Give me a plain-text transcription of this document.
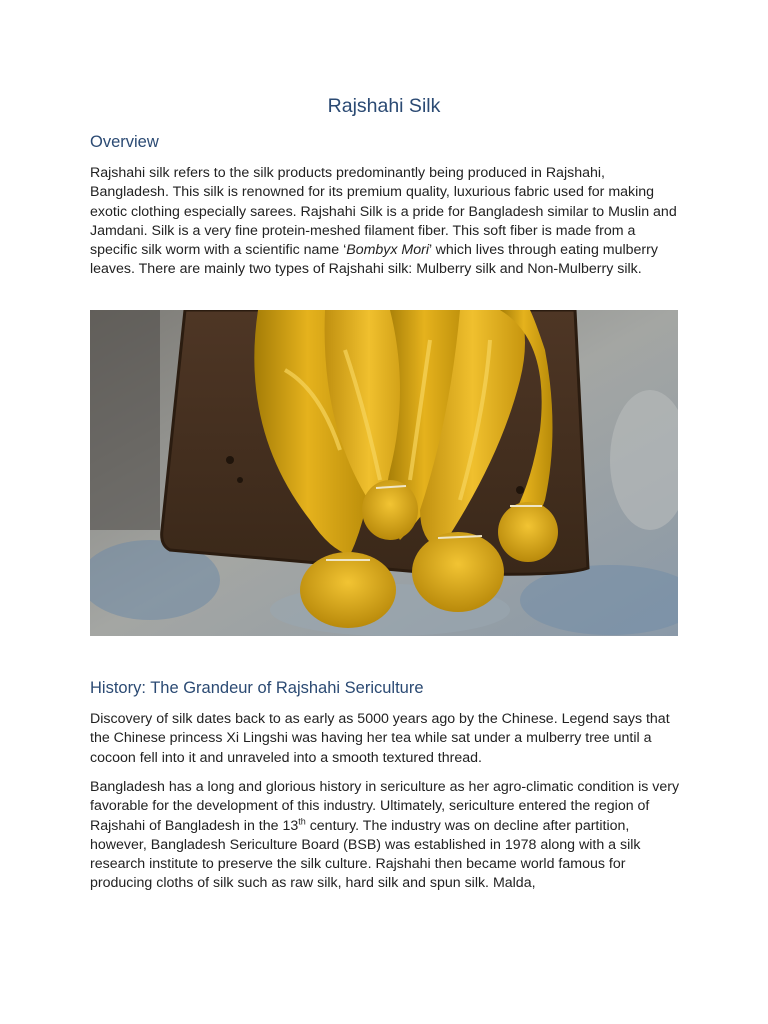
Rajshahi Silk
Overview

Rajshahi silk refers to the silk products predominantly being produced in Rajshahi, Bangladesh. This silk is renowned for its premium quality, luxurious fabric used for making exotic clothing especially sarees. Rajshahi Silk is a pride for Bangladesh similar to Muslin and Jamdani. Silk is a very fine protein-meshed filament fiber. This soft fiber is made from a specific silk worm with a scientific name ‘Bombyx Mori’ which lives through eating mulberry leaves. There are mainly two types of Rajshahi silk: Mulberry silk and Non-Mulberry silk.

History: The Grandeur of Rajshahi Sericulture

Discovery of silk dates back to as early as 5000 years ago by the Chinese. Legend says that the Chinese princess Xi Lingshi was having her tea while sat under a mulberry tree until a cocoon fell into it and unraveled into a smooth textured thread.

Bangladesh has a long and glorious history in sericulture as her agro-climatic condition is very favorable for the development of this industry. Ultimately, sericulture entered the region of Rajshahi of Bangladesh in the 13th century. The industry was on decline after partition, however, Bangladesh Sericulture Board (BSB) was established in 1978 along with a silk research institute to preserve the silk culture. Rajshahi then became world famous for producing cloths of silk such as raw silk, hard silk and spun silk. Malda,
